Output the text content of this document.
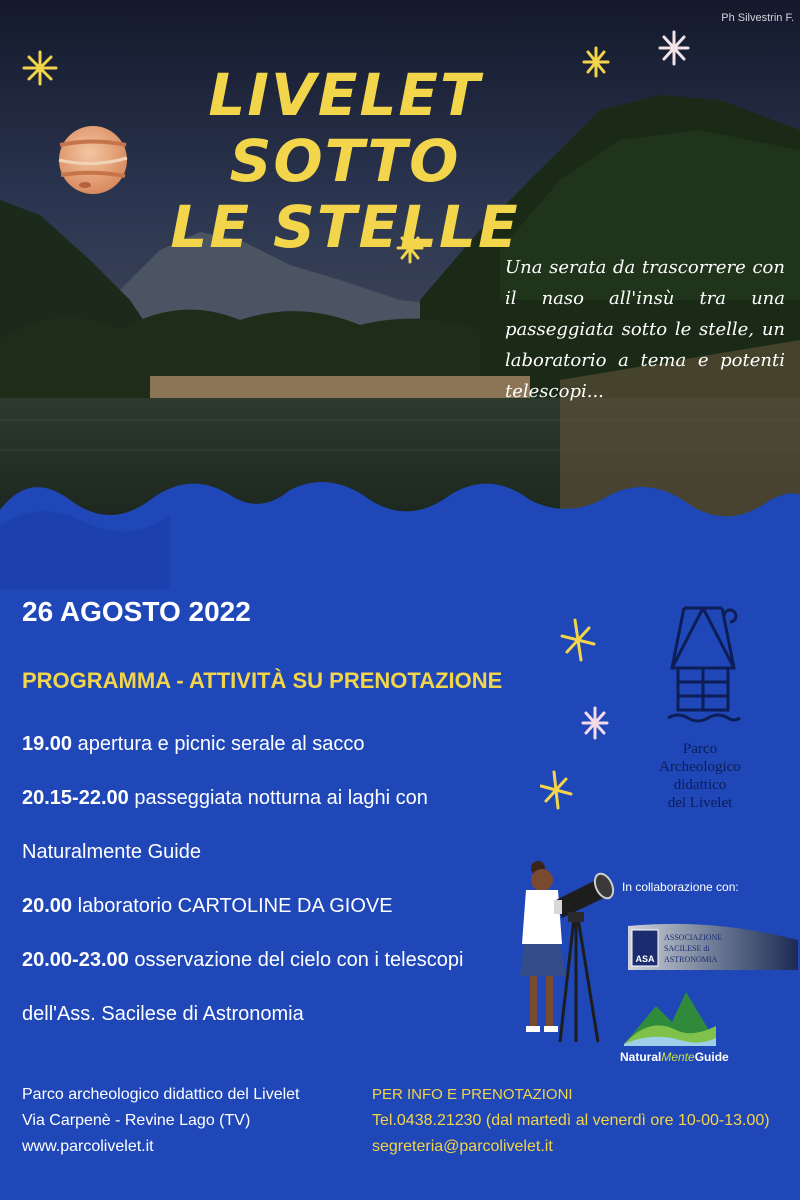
Ph Silvestrin F.
LIVELET SOTTO
LE STELLE
Una serata da trascorrere con il naso all'insù tra una passeggiata sotto le stelle, un laboratorio a tema e potenti telescopi...
26 AGOSTO 2022
PROGRAMMA - ATTIVITÀ SU PRENOTAZIONE
19.00 apertura e picnic serale al sacco
20.15-22.00 passeggiata notturna ai laghi con
Naturalmente Guide
20.00 laboratorio CARTOLINE DA GIOVE
20.00-23.00 osservazione del cielo con i telescopi
dell'Ass. Sacilese di Astronomia
Parco
Archeologico
didattico
del Livelet
In collaborazione con:
ASA
ASSOCIAZIONE
SACILESE di
ASTRONOMIA
NaturalMenteGuide
Parco archeologico didattico del Livelet
Via Carpenè - Revine Lago (TV)
www.parcolivelet.it
PER INFO E PRENOTAZIONI
Tel.0438.21230 (dal martedì al venerdì ore 10-00-13.00)
segreteria@parcolivelet.it
